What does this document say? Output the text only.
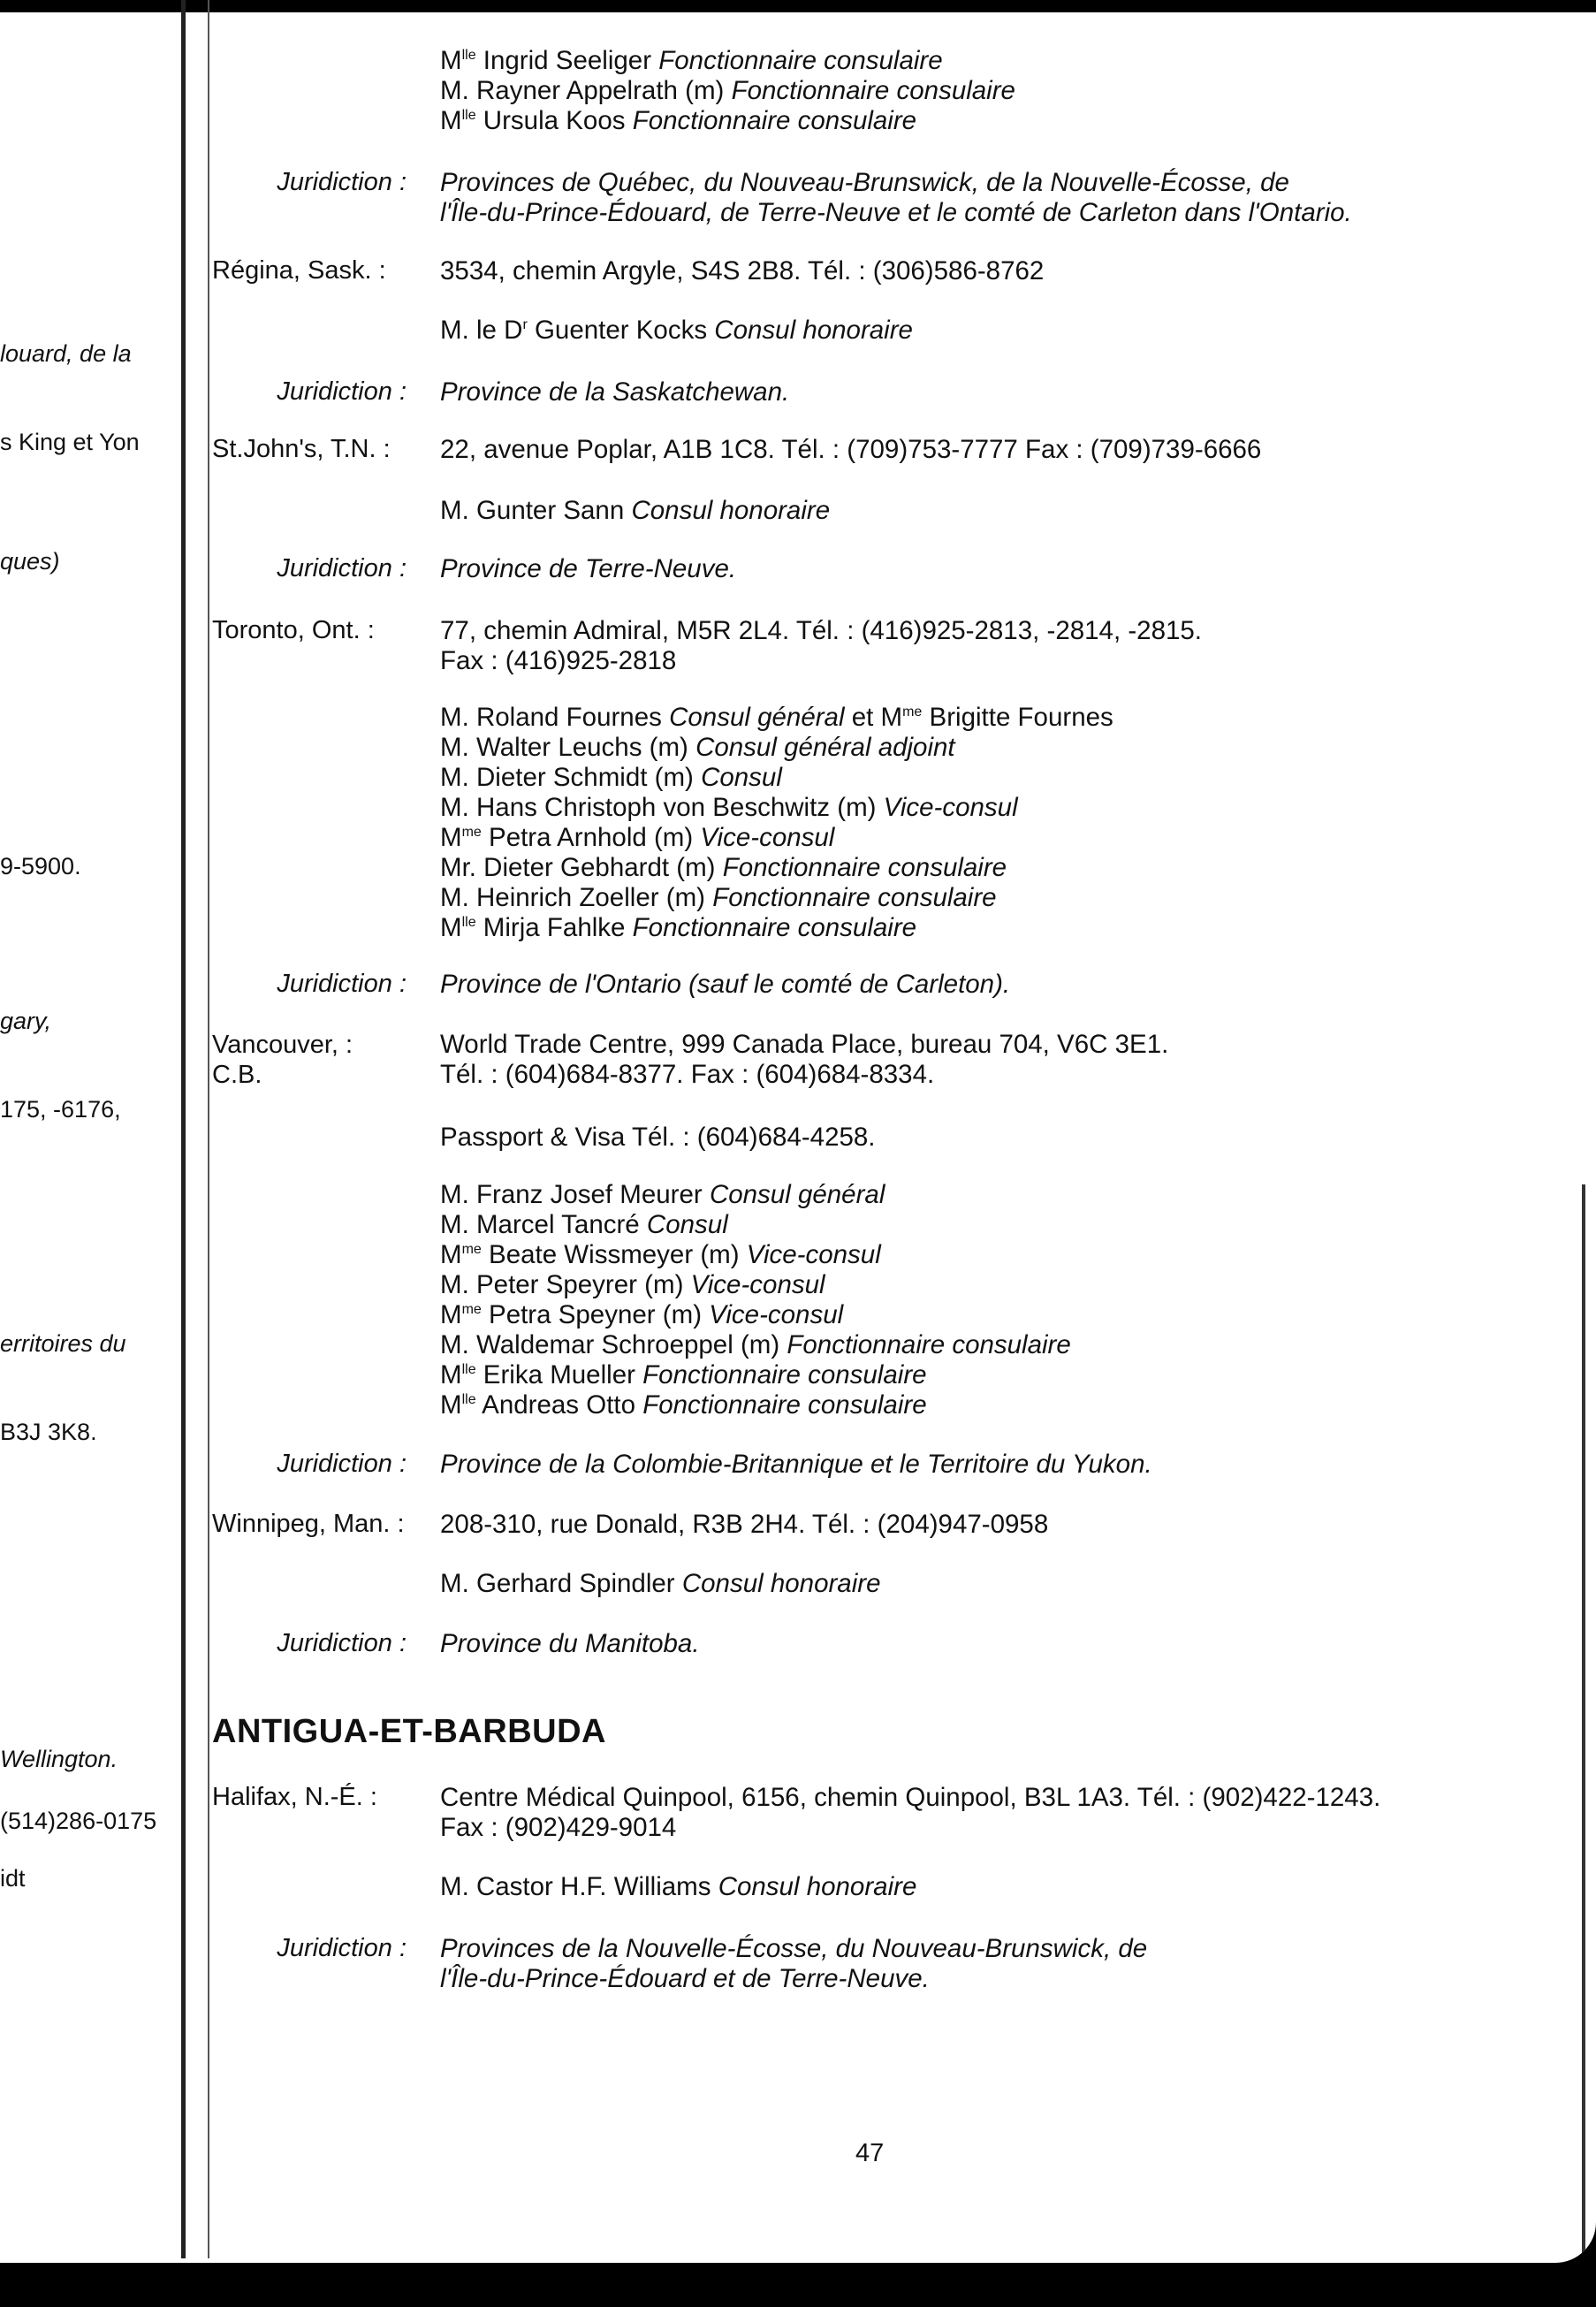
louard, de la
s King et Yon
ques)
9-5900.
gary,
175, -6176,
erritoires du
B3J 3K8.
Wellington.
(514)286-0175
idt
$M^{lle}$ Ingrid Seeliger Fonctionnaire consulaire
M. Rayner Appelrath (m) Fonctionnaire consulaire
$M^{lle}$ Ursula Koos Fonctionnaire consulaire
Juridiction : Provinces de Québec, du Nouveau-Brunswick, de la Nouvelle-Écosse, de
l'Île-du-Prince-Édouard, de Terre-Neuve et le comté de Carleton dans l'Ontario.
Régina, Sask. : 3534, chemin Argyle, S4S 2B8. Tél. : (306)586-8762
M. le $D^r$ Guenter Kocks Consul honoraire
Juridiction : Province de la Saskatchewan.
St.John's, T.N. : 22, avenue Poplar, A1B 1C8. Tél. : (709)753-7777 Fax : (709)739-6666
M. Gunter Sann Consul honoraire
Juridiction : Province de Terre-Neuve.
Toronto, Ont. :	77, chemin Admiral, M5R 2L4. Tél. : (416)925-2813, -2814, -2815.
Fax : (416)925-2818
M. Roland Fournes Consul général et $M^{me}$ Brigitte Fournes
M. Walter Leuchs (m) Consul général adjoint
M. Dieter Schmidt (m) Consul
M. Hans Christoph von Beschwitz (m) Vice-consul
$M^{me}$ Petra Arnhold (m) Vice-consul
Mr. Dieter Gebhardt (m) Fonctionnaire consulaire
M. Heinrich Zoeller (m) Fonctionnaire consulaire
$M^{lle}$ Mirja Fahlke Fonctionnaire consulaire
Juridiction : Province de l'Ontario (sauf le comté de Carleton).
Vancouver, :
C.B.
World Trade Centre, 999 Canada Place, bureau 704, V6C 3E1.
Tél. : (604)684-8377. Fax : (604)684-8334.
Passport & Visa Tél. : (604)684-4258.
M. Franz Josef Meurer Consul général
M. Marcel Tancré Consul
$M^{me}$ Beate Wissmeyer (m) Vice-consul
M. Peter Speyrer (m) Vice-consul
$M^{me}$ Petra Speyner (m) Vice-consul
M. Waldemar Schroeppel (m) Fonctionnaire consulaire
$M^{lle}$ Erika Mueller Fonctionnaire consulaire
$M^{lle}$ Andreas Otto Fonctionnaire consulaire
Juridiction : Province de la Colombie-Britannique et le Territoire du Yukon.
Winnipeg, Man. : 208-310, rue Donald, R3B 2H4. Tél. : (204)947-0958
M. Gerhard Spindler Consul honoraire
Juridiction : Province du Manitoba.
ANTIGUA-ET-BARBUDA
Halifax, N.-É. : Centre Médical Quinpool, 6156, chemin Quinpool, B3L 1A3. Tél. : (902)422-1243.
Fax : (902)429-9014
M. Castor H.F. Williams Consul honoraire
Juridiction : Provinces de la Nouvelle-Écosse, du Nouveau-Brunswick, de
l'Île-du-Prince-Édouard et de Terre-Neuve.
47
